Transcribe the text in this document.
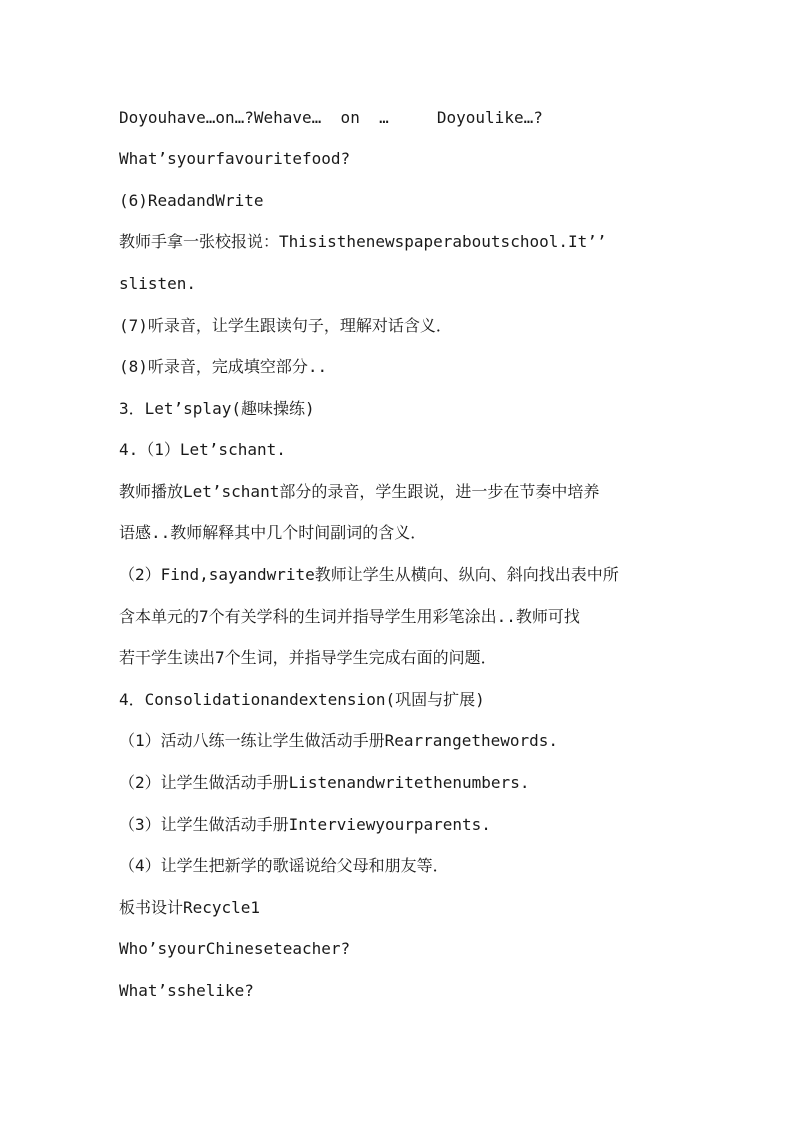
Doyouhave…on…?Wehave…  on  …     Doyoulike…?
What’syourfavouritefood?
(6)ReadandWrite
教师手拿一张校报说：Thisisthenewspaperaboutschool.It’’
slisten.
(7)听录音，让学生跟读句子，理解对话含义．
(8)听录音，完成填空部分..
3．Let’splay(趣味操练)
4.（1）Let’schant.
教师播放Let’schant部分的录音，学生跟说，进一步在节奏中培养
语感..教师解释其中几个时间副词的含义．
（2）Find,sayandwrite教师让学生从横向、纵向、斜向找出表中所
含本单元的7个有关学科的生词并指导学生用彩笔涂出..教师可找
若干学生读出7个生词，并指导学生完成右面的问题．
4．Consolidationandextension(巩固与扩展)
（1）活动八练一练让学生做活动手册Rearrangethewords.
（2）让学生做活动手册Listenandwritethenumbers.
（3）让学生做活动手册Interviewyourparents.
（4）让学生把新学的歌谣说给父母和朋友等．
板书设计Recycle1
Who’syourChineseteacher?
What’sshelike?
